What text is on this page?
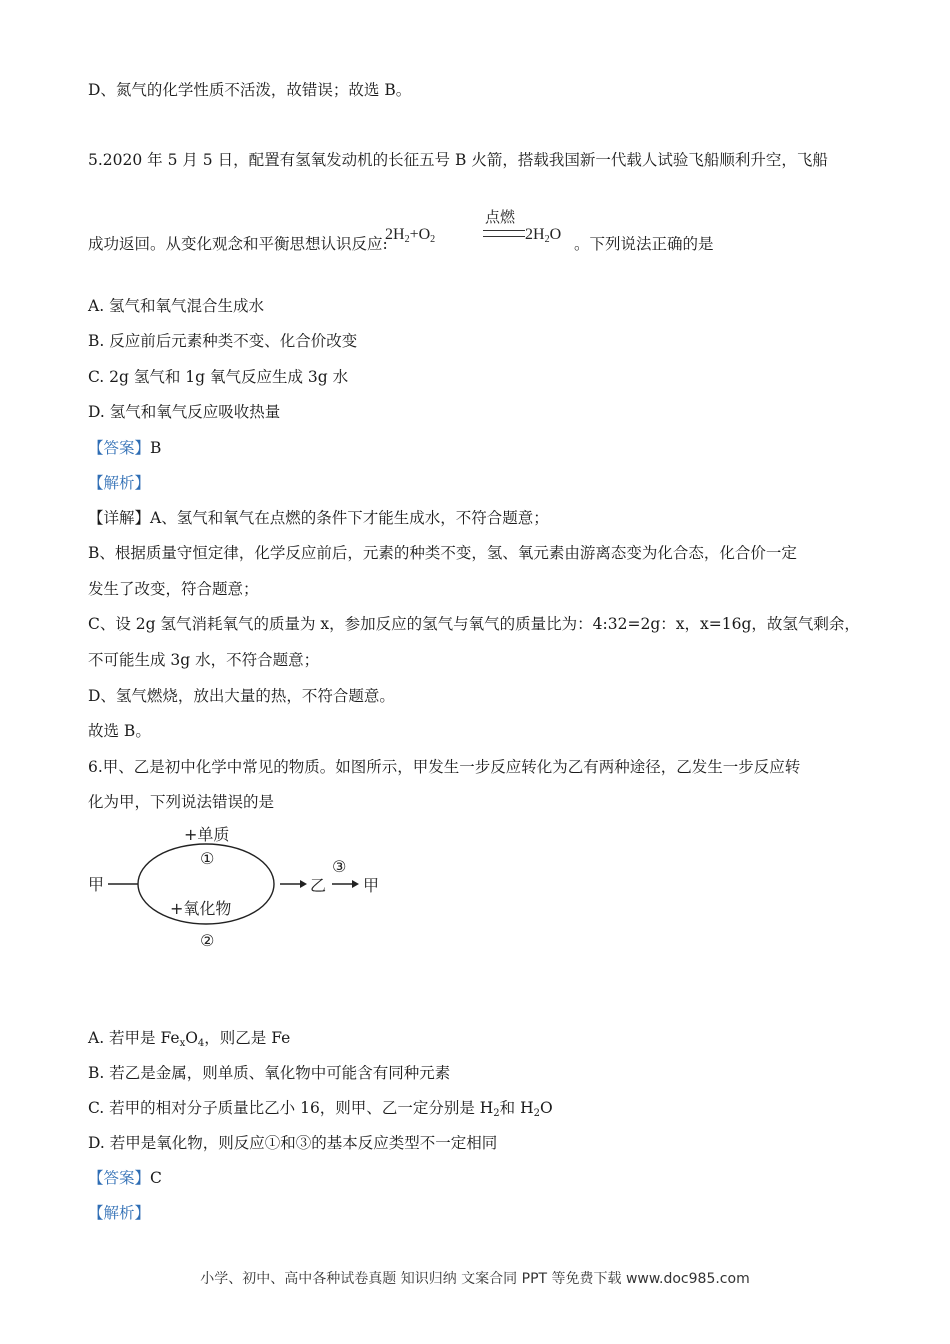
D、氮气的化学性质不活泼，故错误；故选 B。
5.2020 年 5 月 5 日，配置有氢氧发动机的长征五号 B 火箭，搭载我国新一代载人试验飞船顺利升空，飞船
成功返回。从变化观念和平衡思想认识反应:
$2H_2+O_2$
点燃
$2H_2O$
。下列说法正确的是
A. 氢气和氧气混合生成水
B. 反应前后元素种类不变、化合价改变
C. 2g 氢气和 1g 氧气反应生成 3g 水
D. 氢气和氧气反应吸收热量
【答案】B
【解析】
【详解】A、氢气和氧气在点燃的条件下才能生成水，不符合题意；
B、根据质量守恒定律，化学反应前后，元素的种类不变，氢、氧元素由游离态变为化合态，化合价一定
发生了改变，符合题意；
C、设 2g 氢气消耗氧气的质量为 x，参加反应的氢气与氧气的质量比为：4:32=2g：x，x=16g，故氢气剩余，
不可能生成 3g 水，不符合题意；
D、氢气燃烧，放出大量的热，不符合题意。
故选 B。
6.甲、乙是初中化学中常见的物质。如图所示，甲发生一步反应转化为乙有两种途径，乙发生一步反应转
化为甲，下列说法错误的是
甲
+单质
①
+氧化物
②
乙
③
甲
A. 若甲是 $Fe_xO_4$，则乙是 Fe
B. 若乙是金属，则单质、氧化物中可能含有同种元素
C. 若甲的相对分子质量比乙小 16，则甲、乙一定分别是 $H_2$和 $H_2O$
D. 若甲是氧化物，则反应①和③的基本反应类型不一定相同
【答案】C
【解析】
小学、初中、高中各种试卷真题 知识归纳 文案合同 PPT 等免费下载 www.doc985.com
